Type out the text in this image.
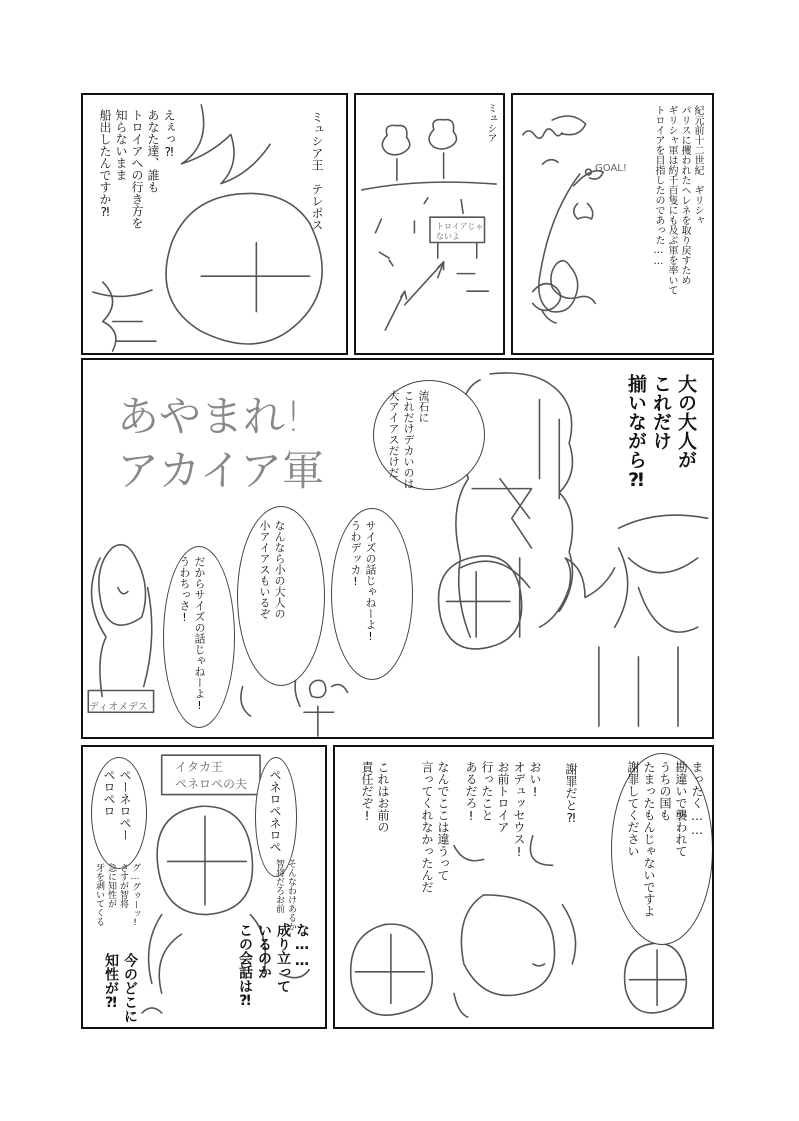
紀元前十二世紀　ギリシャ
パリスに攫われたヘレネを取り戻すため
ギリシャ軍は約千百隻にも及ぶ軍を率いて
トロイアを目指したのであった……
GOAL!
ミュシア
トロイアじゃ
ないよ
ミュシア王　テレポス
えぇっ⁈
あなた達、誰も
トロイアへの行き方を
知らないまま
船出したんですか⁈
流石に
これだけデカいのは
大アイアスだけだ
サイズの話じゃねーよ!
うわデッカ!
なんなら小の大人の
小アイアスもいるぞ
だからサイズの話じゃねーよ!
うわちっさ!
あやまれ!
アカイア軍
大の大人が
これだけ
揃いながら⁈
ディオメデス
イタカ王
ペネロペの夫
ペーネロペー
ペロペロ	ペネロペネロペ
そんなわけあるか
智将だろお前
グ…グゥーッ!
さすが智将
急に知性が
牙を剥いてくる
な……
成り立って
いるのか
この会話は⁈
今のどこに
知性が⁈
まったく……
勘違いで襲われて
うちの国も
たまったもんじゃないですよ
謝罪してください
謝罪だと⁈
おい!
オデュッセウス!
お前トロイア
行ったこと
あるだろ!
なんでここは違うって
言ってくれなかったんだ
これはお前の
責任だぞ!
